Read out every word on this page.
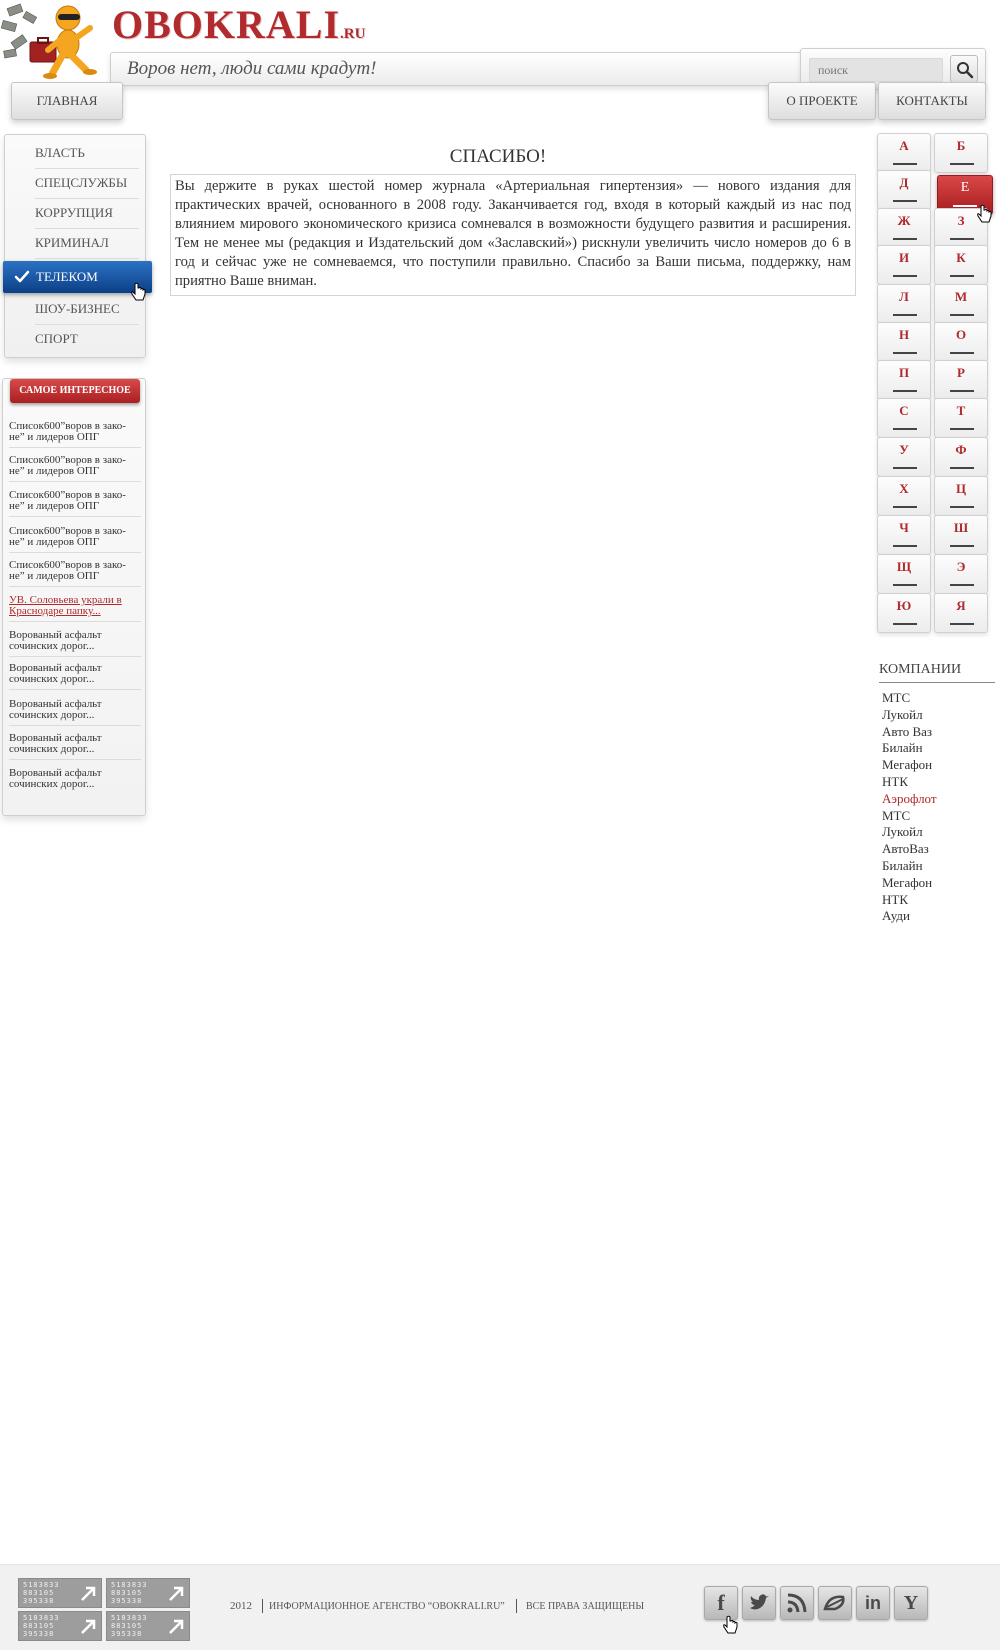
OBOKRALI.RU
Воров нет, люди сами крадут!
поиск
ГЛАВНАЯ	О ПРОЕКТЕ	КОНТАКТЫ
ВЛАСТЬ
СПЕЦСЛУЖБЫ
КОРРУПЦИЯ
КРИМИНАЛ
ТЕЛЕКОМ
ШОУ-БИЗНЕС
СПОРТ
САМОЕ ИНТЕРЕСНОЕ
Список600”воров в зако-не” и лидеров ОПГ
Список600”воров в зако-не” и лидеров ОПГ
Список600”воров в зако-не” и лидеров ОПГ
Список600”воров в зако-не” и лидеров ОПГ
Список600”воров в зако-не” и лидеров ОПГ
УВ. Соловьева украли в Краснодаре папку...
Ворованый асфальт сочинских дорог...
Ворованый асфальт сочинских дорог...
Ворованый асфальт сочинских дорог...
Ворованый асфальт сочинских дорог...
Ворованый асфальт сочинских дорог...
СПАСИБО!

Вы держите в руках шестой номер журнала «Артериальная гипертензия» — нового издания для практических врачей, основанного в 2008 году. Заканчивается год, входя в который каждый из нас под влиянием мирового экономического кризиса сомневался в возможности будущего развития и расширения. Тем не менее мы (редакция и Издательский дом «Заславский») рискнули увеличить число номеров до 6 в год и сейчас уже не сомневаемся, что поступили правильно. Спасибо за Ваши письма, поддержку, нам приятно Ваше вниман.

А	Б
Д	Е
Ж	З
И	К
Л	М
Н	О
П	Р
С	Т
У	Ф
Х	Ц
Ч	Ш
Щ	Э
Ю	Я
КОМПАНИИ
МТС
Лукойл
Авто Ваз
Билайн
Мегафон
НТК
Аэрофлот
МТС
Лукойл
АвтоВаз
Билайн
Мегафон
НТК
Ауди
5183833
883105
395338
5183833
883105
395338
5183833
883105
395338
5183833
883105
395338
2012 ИНФОРМАЦИОННОЕ АГЕНСТВО “OBOKRALI.RU” ВСЕ ПРАВА ЗАЩИЩЕНЫ	f	in	Y
